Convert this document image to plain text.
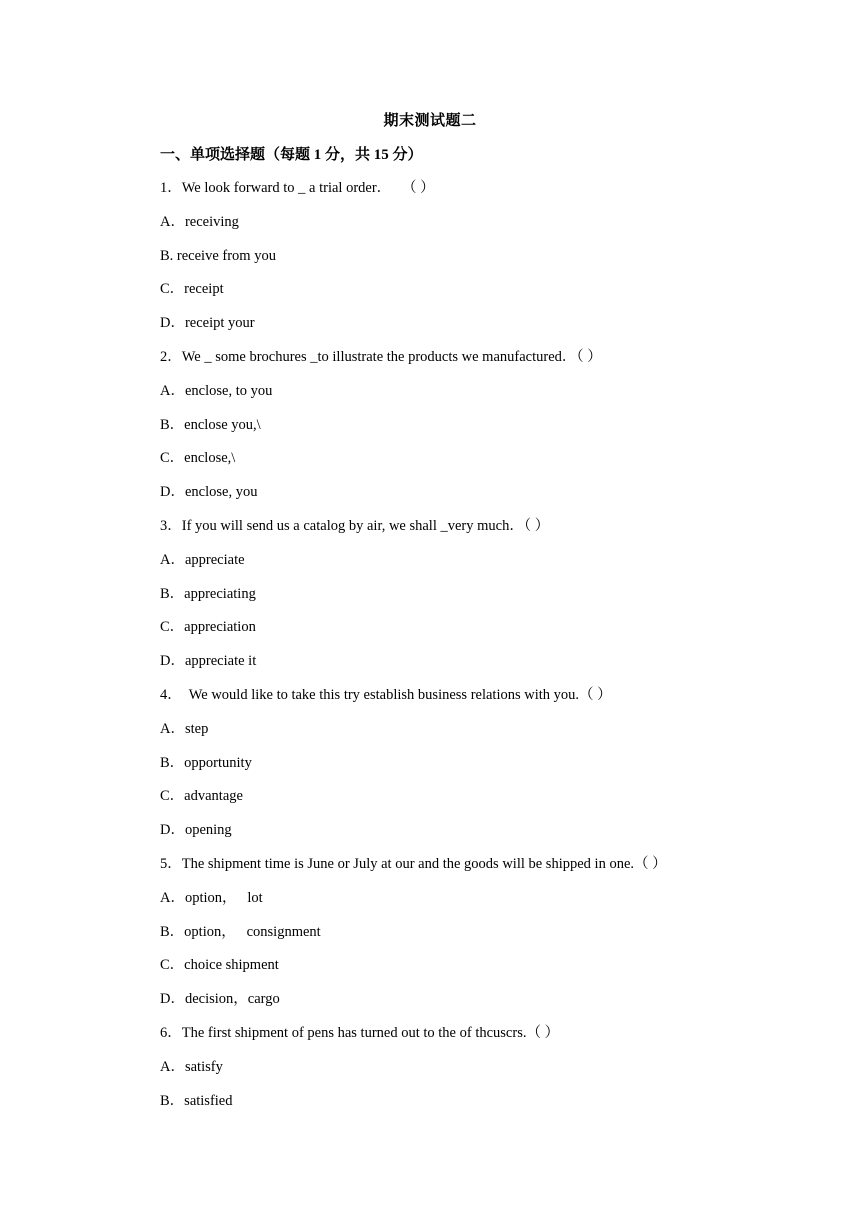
期末测试题二
一、单项选择题（每题 1 分，共 15 分）
1．We look forward to _ a trial order．   （ ）
A．receiving
B. receive from you
C．receipt
D．receipt your
2．We _ some brochures _to illustrate the products we manufactured．（ ）
A．enclose, to you
B．enclose you,\
C．enclose,\
D．enclose, you
3．If you will send us a catalog by air, we shall _very much．（ ）
A．appreciate
B．appreciating
C．appreciation
D．appreciate it
4．  We would like to take this try establish business relations with you.（ ）
A．step
B．opportunity
C．advantage
D．opening
5．The shipment time is June or July at our and the goods will be shipped in one.（ ）
A．option，   lot
B．option，   consignment
C．choice shipment
D．decision，cargo
6．The first shipment of pens has turned out to the of thcuscrs.（ ）
A．satisfy
B．satisfied
